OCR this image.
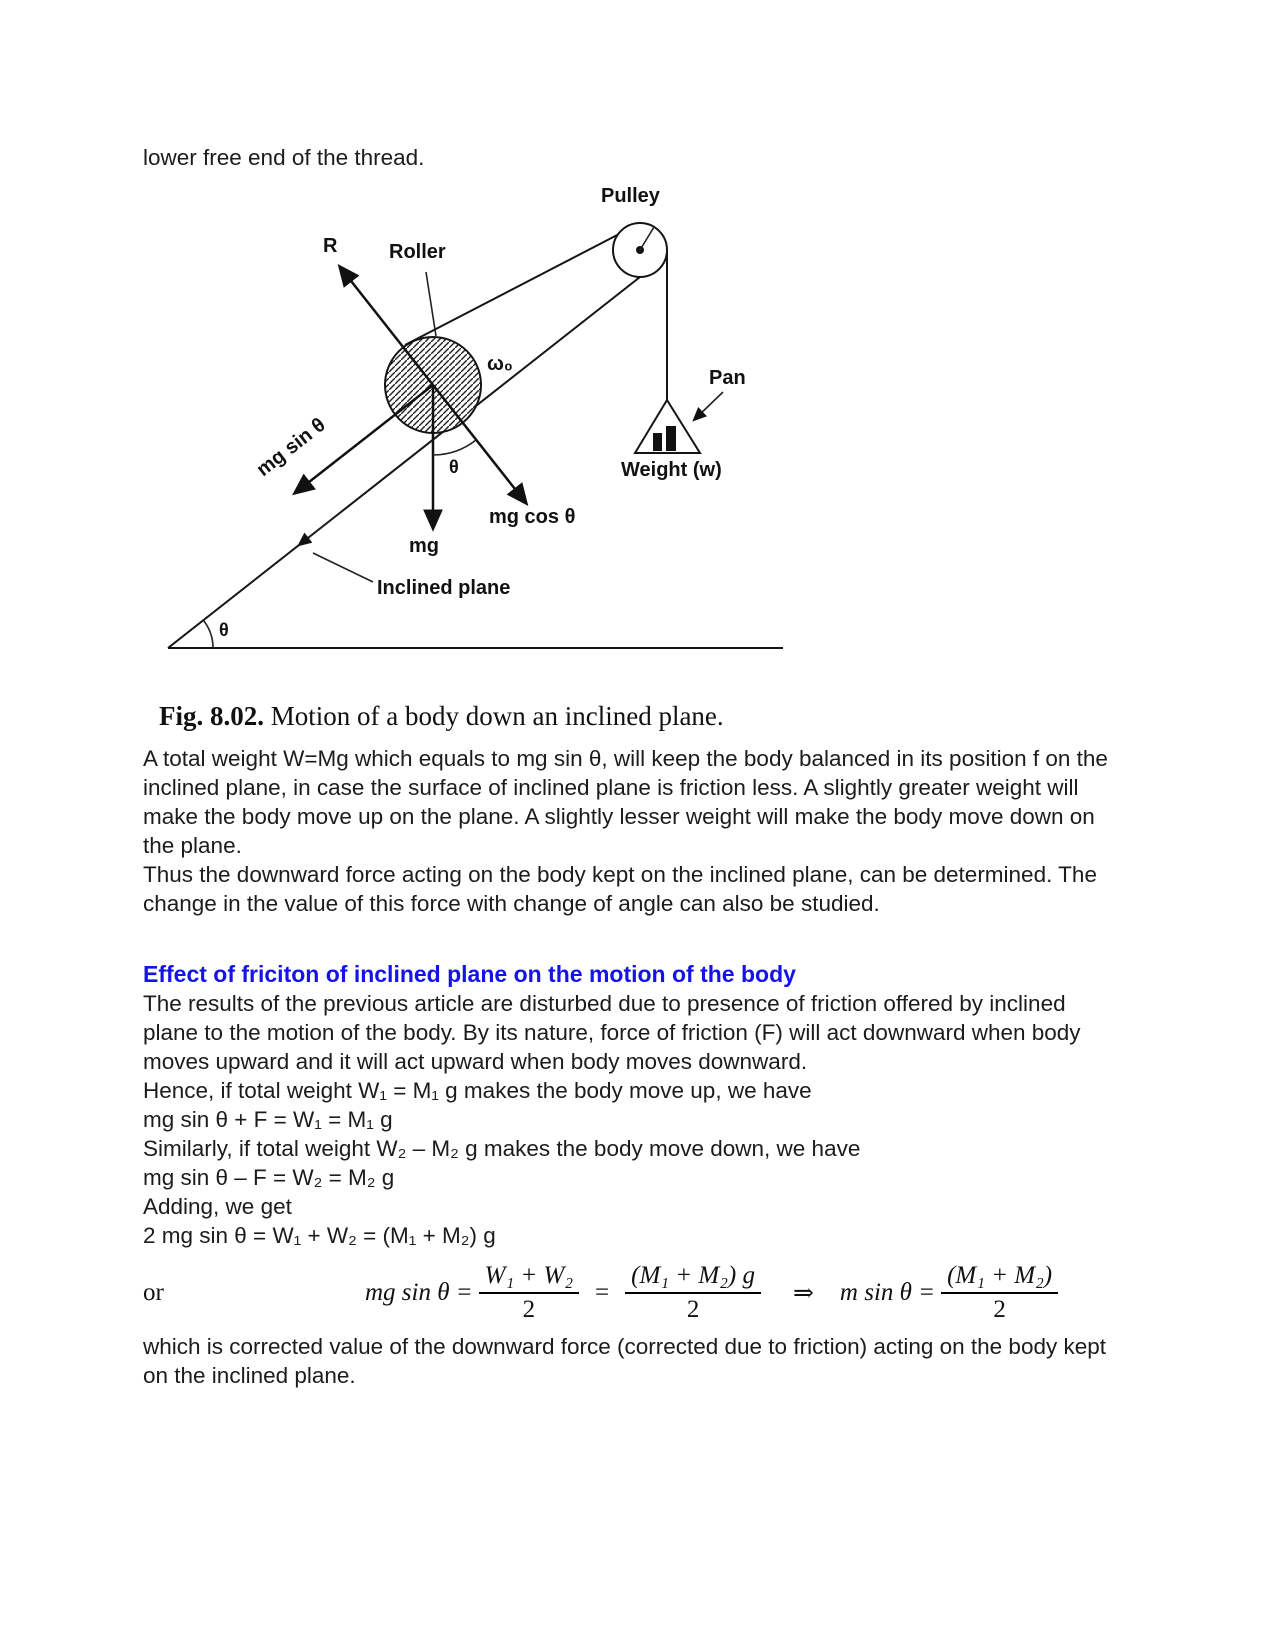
lower free end of the thread.

θ
Pulley
Pan
Weight (w)
Roller
ω₀
R
mg sin θ	θ
mg cos θ
mg
Inclined plane

Fig. 8.02. Motion of a body down an inclined plane.

A total weight W=Mg which equals to mg sin θ, will keep the body balanced in its position f on the inclined plane, in case the surface of inclined plane is friction less. A slightly greater weight will make the body move up on the plane. A slightly lesser weight will make the body move down on the plane.

Thus the downward force acting on the body kept on the inclined plane, can be determined. The change in the value of this force with change of angle can also be studied.

Effect of friciton of inclined plane on the motion of the body

The results of the previous article are disturbed due to presence of friction offered by inclined plane to the motion of the body. By its nature, force of friction (F) will act downward when body moves upward and it will act upward when body moves downward.

Hence, if total weight W₁ = M₁ g makes the body move up, we have

mg sin θ + F = W₁ = M₁ g

Similarly, if total weight W₂ – M₂ g makes the body move down, we have

mg sin θ – F = W₂ = M₂ g

Adding, we get

2 mg sin θ = W₁ + W₂ = (M₁ + M₂) g

or	mg $\sin \theta = \frac{\text{W₁ + W₂}}{2} = \frac{\text{(M₁ + M₂) g}}{2}$ ⇒ m $\sin \theta = \frac{\text{(M₁ + M₂)}}{2}$

which is corrected value of the downward force (corrected due to friction) acting on the body kept on the inclined plane.
